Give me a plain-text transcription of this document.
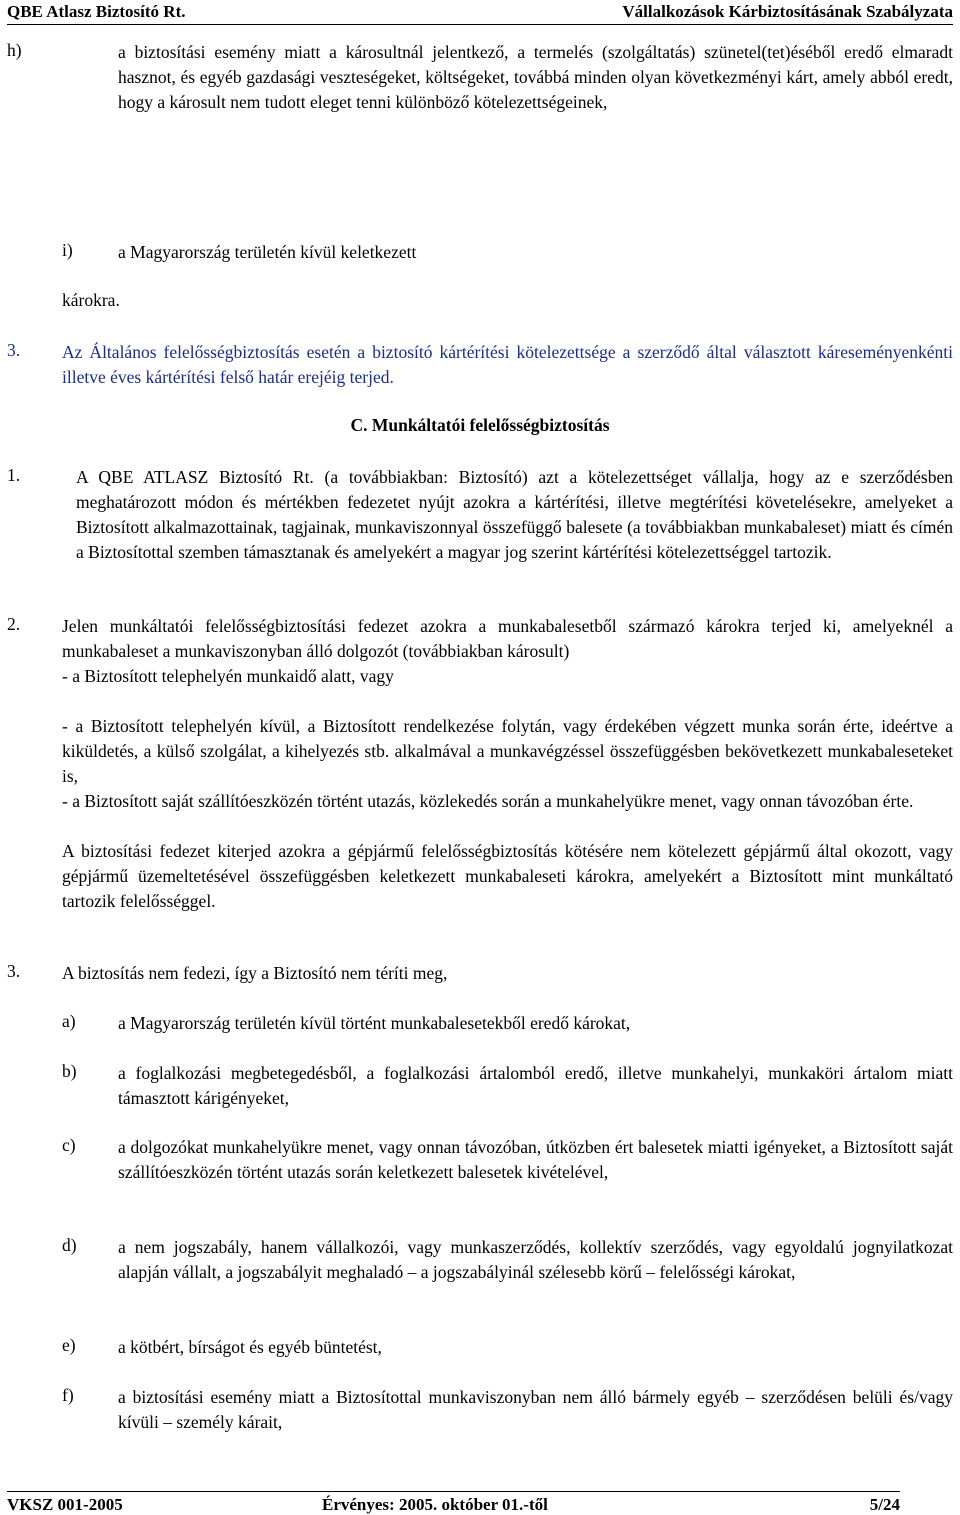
QBE Atlasz Biztosító Rt.	Vállalkozások Kárbiztosításának Szabályzata
h)	a biztosítási esemény miatt a károsultnál jelentkező, a termelés (szolgáltatás) szünetel(tet)éséből eredő elmaradt hasznot, és egyéb gazdasági veszteségeket, költségeket, továbbá minden olyan következményi kárt, amely abból eredt, hogy a károsult nem tudott eleget tenni különböző kötelezettségeinek,
i)	a Magyarország területén kívül keletkezett
károkra.
3. Az Általános felelősségbiztosítás esetén a biztosító kártérítési kötelezettsége a szerződő által választott káreseményenkénti illetve éves kártérítési felső határ erejéig terjed.
C. Munkáltatói felelősségbiztosítás
1.	A QBE ATLASZ Biztosító Rt. (a továbbiakban: Biztosító) azt a kötelezettséget vállalja, hogy az e szerződésben meghatározott módon és mértékben fedezetet nyújt azokra a kártérítési, illetve megtérítési követelésekre, amelyeket a Biztosított alkalmazottainak, tagjainak, munkaviszonnyal összefüggő balesete (a továbbiakban munkabaleset) miatt és címén a Biztosítottal szemben támasztanak és amelyekért a magyar jog szerint kártérítési kötelezettséggel tartozik.
2. Jelen munkáltatói felelősségbiztosítási fedezet azokra a munkabalesetből származó károkra terjed ki, amelyeknél a munkabaleset a munkaviszonyban álló dolgozót (továbbiakban károsult)
- a Biztosított telephelyén munkaidő alatt, vagy
- a Biztosított telephelyén kívül, a Biztosított rendelkezése folytán, vagy érdekében végzett munka során érte, ideértve a kiküldetés, a külső szolgálat, a kihelyezés stb. alkalmával a munkavégzéssel összefüggésben bekövetkezett munkabaleseteket is,
- a Biztosított saját szállítóeszközén történt utazás, közlekedés során a munkahelyükre menet, vagy onnan távozóban érte.
A biztosítási fedezet kiterjed azokra a gépjármű felelősségbiztosítás kötésére nem kötelezett gépjármű által okozott, vagy gépjármű üzemeltetésével összefüggésben keletkezett munkabaleseti károkra, amelyekért a Biztosított mint munkáltató tartozik felelősséggel.
3. A biztosítás nem fedezi, így a Biztosító nem téríti meg,
a) a Magyarország területén kívül történt munkabalesetekből eredő károkat,
b) a foglalkozási megbetegedésből, a foglalkozási ártalomból eredő, illetve munkahelyi, munkaköri ártalom miatt támasztott kárigényeket,
c) a dolgozókat munkahelyükre menet, vagy onnan távozóban, útközben ért balesetek miatti igényeket, a Biztosított saját szállítóeszközén történt utazás során keletkezett balesetek kivételével,
d) a nem jogszabály, hanem vállalkozói, vagy munkaszerződés, kollektív szerződés, vagy egyoldalú jognyilatkozat alapján vállalt, a jogszabályit meghaladó – a jogszabályinál szélesebb körű – felelősségi károkat,
e) a kötbért, bírságot és egyéb büntetést,
f)	a biztosítási esemény miatt a Biztosítottal munkaviszonyban nem álló bármely egyéb – szerződésen belüli és/vagy kívüli – személy kárait,
VKSZ 001-2005	Érvényes: 2005. október 01.-től	5/24
